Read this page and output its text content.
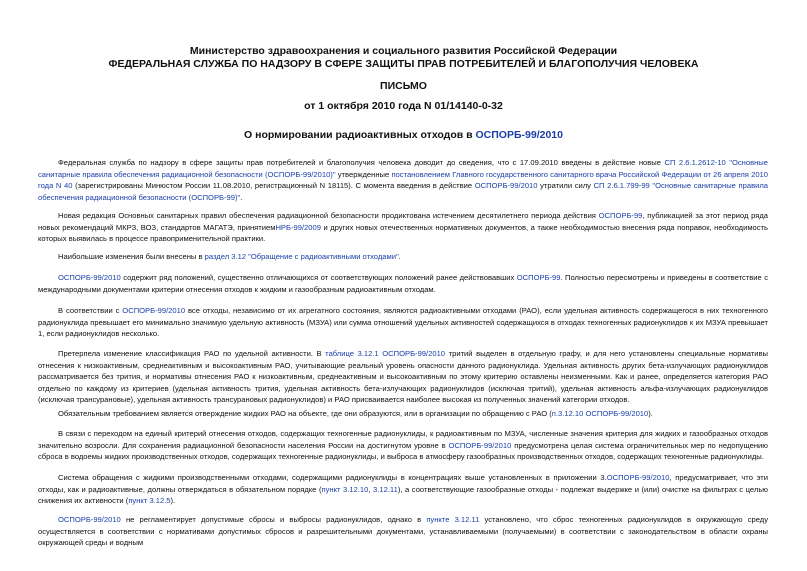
Министерство здравоохранения и социального развития Российской Федерации
ФЕДЕРАЛЬНАЯ СЛУЖБА ПО НАДЗОРУ В СФЕРЕ ЗАЩИТЫ ПРАВ ПОТРЕБИТЕЛЕЙ И БЛАГОПОЛУЧИЯ ЧЕЛОВЕКА
ПИСЬМО
от 1 октября 2010 года N 01/14140-0-32
О нормировании радиоактивных отходов в ОСПОРБ-99/2010

Федеральная служба по надзору в сфере защиты прав потребителей и благополучия человека доводит до сведения, что с 17.09.2010 введены в действие новые СП 2.6.1.2612-10 "Основные санитарные правила обеспечения радиационной безопасности (ОСПОРБ-99/2010)" утвержденные постановлением Главного государственного санитарного врача Российской Федерации от 26 апреля 2010 года N 40 (зарегистрированы Минюстом России 11.08.2010, регистрационный N 18115). С момента введения в действие ОСПОРБ-99/2010 утратили силу СП 2.6.1.799-99 "Основные санитарные правила обеспечения радиационной безопасности (ОСПОРБ-99)".

Новая редакция Основных санитарных правил обеспечения радиационной безопасности продиктована истечением десятилетнего периода действия ОСПОРБ-99, публикацией за этот период ряда новых рекомендаций МКРЗ, ВОЗ, стандартов МАГАТЭ, принятиемНРБ-99/2009 и других новых отечественных нормативных документов, а также необходимостью внесения ряда поправок, необходимость которых выявилась в процессе правоприменительной практики.

Наибольшие изменения были внесены в раздел 3.12 "Обращение с радиоактивными отходами".

ОСПОРБ-99/2010 содержит ряд положений, существенно отличающихся от соответствующих положений ранее действовавших ОСПОРБ-99. Полностью пересмотрены и приведены в соответствие с международными документами критерии отнесения отходов к жидким и газообразным радиоактивным отходам.

В соответствии с ОСПОРБ-99/2010 все отходы, независимо от их агрегатного состояния, являются радиоактивными отходами (РАО), если удельная активность содержащегося в них техногенного радионуклида превышает его минимально значимую удельную активность (МЗУА) или сумма отношений удельных активностей содержащихся в отходах техногенных радионуклидов к их МЗУА превышает 1, если радионуклидов несколько.

Претерпела изменение классификация РАО по удельной активности. В таблице 3.12.1 ОСПОРБ-99/2010 тритий выделен в отдельную графу, и для него установлены специальные нормативы отнесения к низкоактивным, среднеактивным и высокоактивным РАО, учитывающие реальный уровень опасности данного радионуклида. Удельная активность других бета-излучающих радионуклидов рассматривается без трития, и нормативы отнесения РАО к низкоактивным, среднеактивным и высокоактивным по этому критерию оставлены неизменными. Как и ранее, определяется категория РАО отдельно по каждому из критериев (удельная активность трития, удельная активность бета-излучающих радионуклидов (исключая тритий), удельная активность альфа-излучающих радионуклидов (исключая трансурановые), удельная активность трансурановых радионуклидов) и РАО присваивается наиболее высокая из полученных значений категории отходов.

Обязательным требованием является отверждение жидких РАО на объекте, где они образуются, или в организации по обращению с РАО (п.3.12.10 ОСПОРБ-99/2010).

В связи с переходом на единый критерий отнесения отходов, содержащих техногенные радионуклиды, к радиоактивным по МЗУА, численные значения критерия для жидких и газообразных отходов значительно возросли. Для сохранения радиационной безопасности населения России на достигнутом уровне в ОСПОРБ-99/2010 предусмотрена целая система ограничительных мер по недопущению сброса в водоемы жидких производственных отходов, содержащих техногенные радионуклиды, и выброса в атмосферу газообразных производственных отходов, содержащих техногенные радионуклиды.

Система обращения с жидкими производственными отходами, содержащими радионуклиды в концентрациях выше установленных в приложении 3.ОСПОРБ-99/2010, предусматривает, что эти отходы, как и радиоактивные, должны отверждаться в обязательном порядке (пункт 3.12.10, 3.12.11), а соответствующие газообразные отходы - подлежат выдержке и (или) очистке на фильтрах с целью снижения их активности (пункт 3.12.5).

ОСПОРБ-99/2010 не регламентирует допустимые сбросы и выбросы радионуклидов, однако в пункте 3.12.11 установлено, что сброс техногенных радионуклидов в окружающую среду осуществляется в соответствии с нормативами допустимых сбросов и разрешительными документами, устанавливаемыми (получаемыми) в соответствии с законодательством в области охраны окружающей среды и водным
